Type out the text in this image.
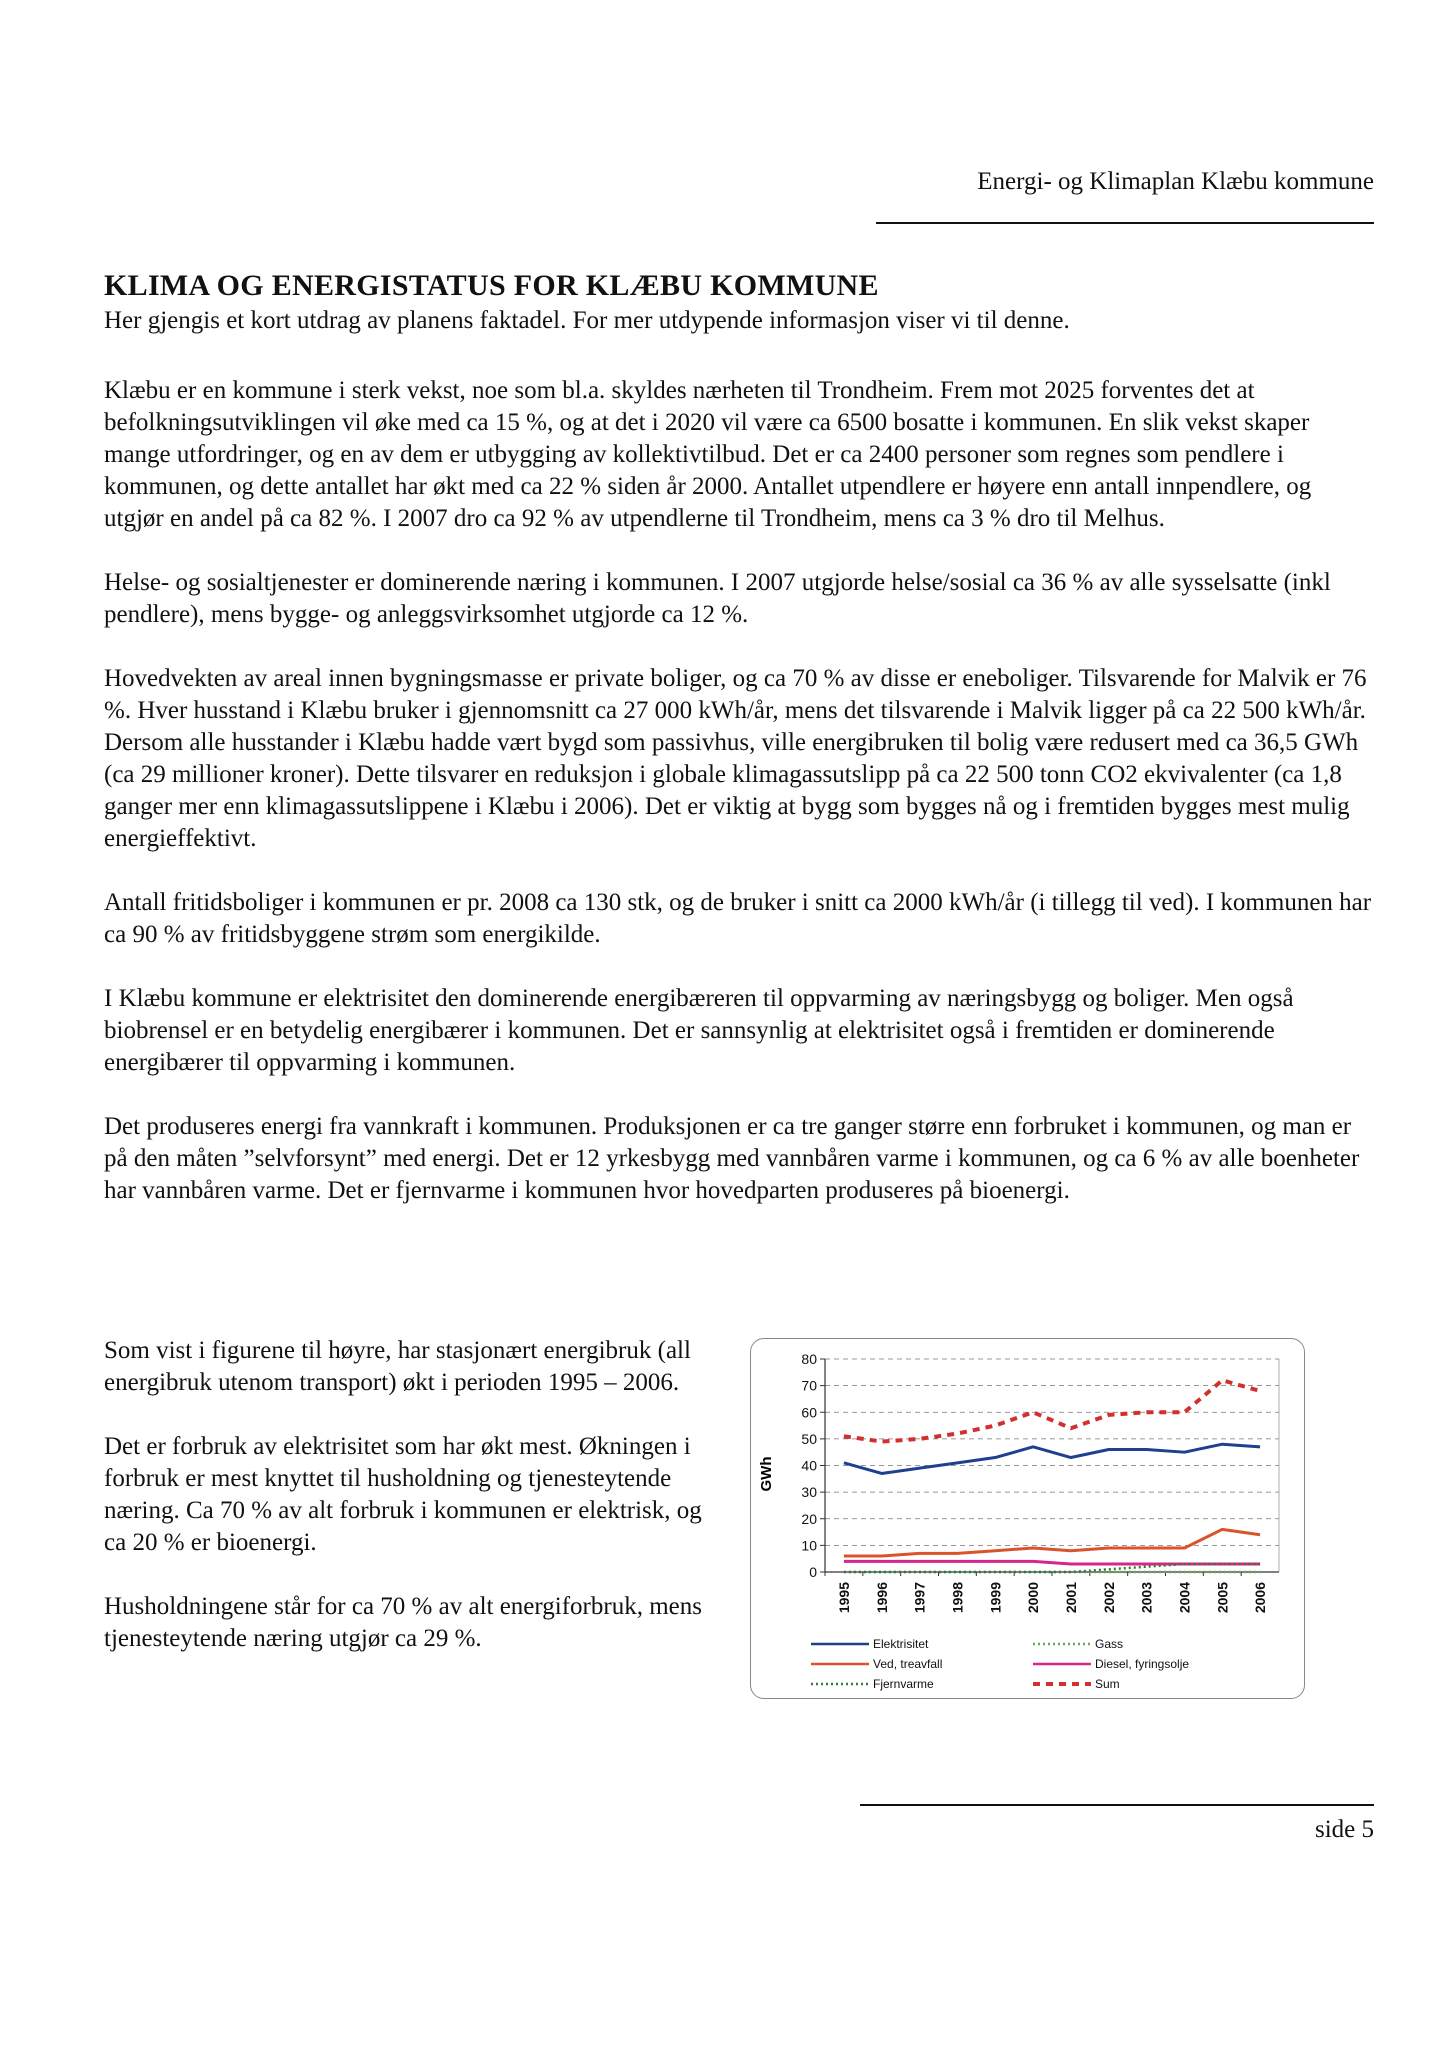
Energi- og Klimaplan Klæbu kommune
KLIMA OG ENERGISTATUS FOR KLÆBU KOMMUNE

Her gjengis et kort utdrag av planens faktadel. For mer utdypende informasjon viser vi til denne.

Klæbu er en kommune i sterk vekst, noe som bl.a. skyldes nærheten til Trondheim. Frem mot 2025 forventes det at befolkningsutviklingen vil øke med ca 15 %, og at det i 2020 vil være ca 6500 bosatte i kommunen. En slik vekst skaper mange utfordringer, og en av dem er utbygging av kollektivtilbud. Det er ca 2400 personer som regnes som pendlere i kommunen, og dette antallet har økt med ca 22 % siden år 2000. Antallet utpendlere er høyere enn antall innpendlere, og utgjør en andel på ca 82 %. I 2007 dro ca 92 % av utpendlerne til Trondheim, mens ca 3 % dro til Melhus.

Helse- og sosialtjenester er dominerende næring i kommunen. I 2007 utgjorde helse/sosial ca 36 % av alle sysselsatte (inkl pendlere), mens bygge- og anleggsvirksomhet utgjorde ca 12 %.

Hovedvekten av areal innen bygningsmasse er private boliger, og ca 70 % av disse er eneboliger. Tilsvarende for Malvik er 76 %. Hver husstand i Klæbu bruker i gjennomsnitt ca 27 000 kWh/år, mens det tilsvarende i Malvik ligger på ca 22 500 kWh/år. Dersom alle husstander i Klæbu hadde vært bygd som passivhus, ville energibruken til bolig være redusert med ca 36,5 GWh (ca 29 millioner kroner). Dette tilsvarer en reduksjon i globale klimagassutslipp på ca 22 500 tonn CO2 ekvivalenter (ca 1,8 ganger mer enn klimagassutslippene i Klæbu i 2006). Det er viktig at bygg som bygges nå og i fremtiden bygges mest mulig energieffektivt.

Antall fritidsboliger i kommunen er pr. 2008 ca 130 stk, og de bruker i snitt ca 2000 kWh/år (i tillegg til ved). I kommunen har ca 90 % av fritidsbyggene strøm som energikilde.

I Klæbu kommune er elektrisitet den dominerende energibæreren til oppvarming av næringsbygg og boliger. Men også biobrensel er en betydelig energibærer i kommunen. Det er sannsynlig at elektrisitet også i fremtiden er dominerende energibærer til oppvarming i kommunen.

Det produseres energi fra vannkraft i kommunen. Produksjonen er ca tre ganger større enn forbruket i kommunen, og man er på den måten ”selvforsynt” med energi. Det er 12 yrkesbygg med vannbåren varme i kommunen, og ca 6 % av alle boenheter har vannbåren varme. Det er fjernvarme i kommunen hvor hovedparten produseres på bioenergi.

Som vist i figurene til høyre, har stasjonært energibruk (all energibruk utenom transport) økt i perioden 1995 – 2006.

Det er forbruk av elektrisitet som har økt mest. Økningen i forbruk er mest knyttet til husholdning og tjenesteytende næring. Ca 70 % av alt forbruk i kommunen er elektrisk, og ca 20 % er bioenergi.

Husholdningene står for ca 70 % av alt energiforbruk, mens tjenesteytende næring utgjør ca 29 %.

GWh
0
10
20
30
40
50
60
70
80
1995 1996 1997 1998 1999 2000 2001 2002 2003 2004 2005 2006
Elektrisitet	Gass
Ved, treavfall	Diesel, fyringsolje
Fjernvarme	Sum
side 5
